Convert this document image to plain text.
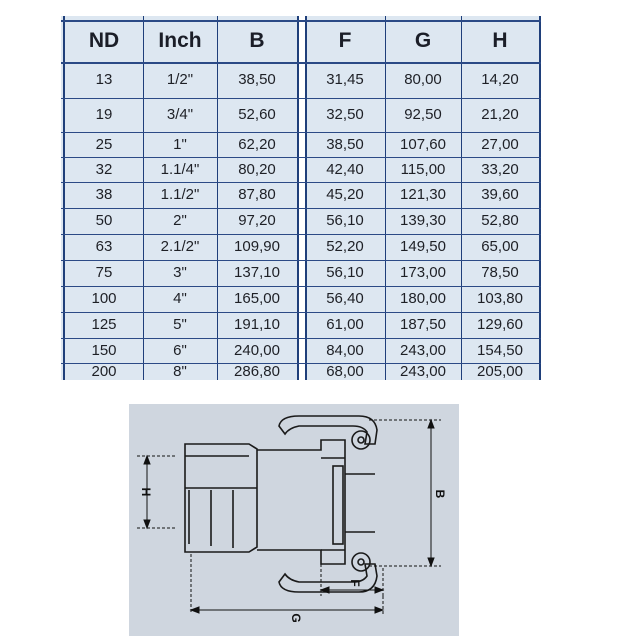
ND	Inch	B	F	G	H
13	1/2"	38,50	31,45	80,00	14,20
19	3/4"	52,60	32,50	92,50	21,20
25	1"	62,20	38,50	107,60	27,00
32	1.1/4"	80,20	42,40	115,00	33,20
38	1.1/2"	87,80	45,20	121,30	39,60
50	2"	97,20	56,10	139,30	52,80
63	2.1/2"	109,90	52,20	149,50	65,00
75	3"	137,10	56,10	173,00	78,50
100	4"	165,00	56,40	180,00	103,80
125	5"	191,10	61,00	187,50	129,60
150	6"	240,00	84,00	243,00	154,50
200	8"	286,80	68,00	243,00	205,00
H	B
F
G
